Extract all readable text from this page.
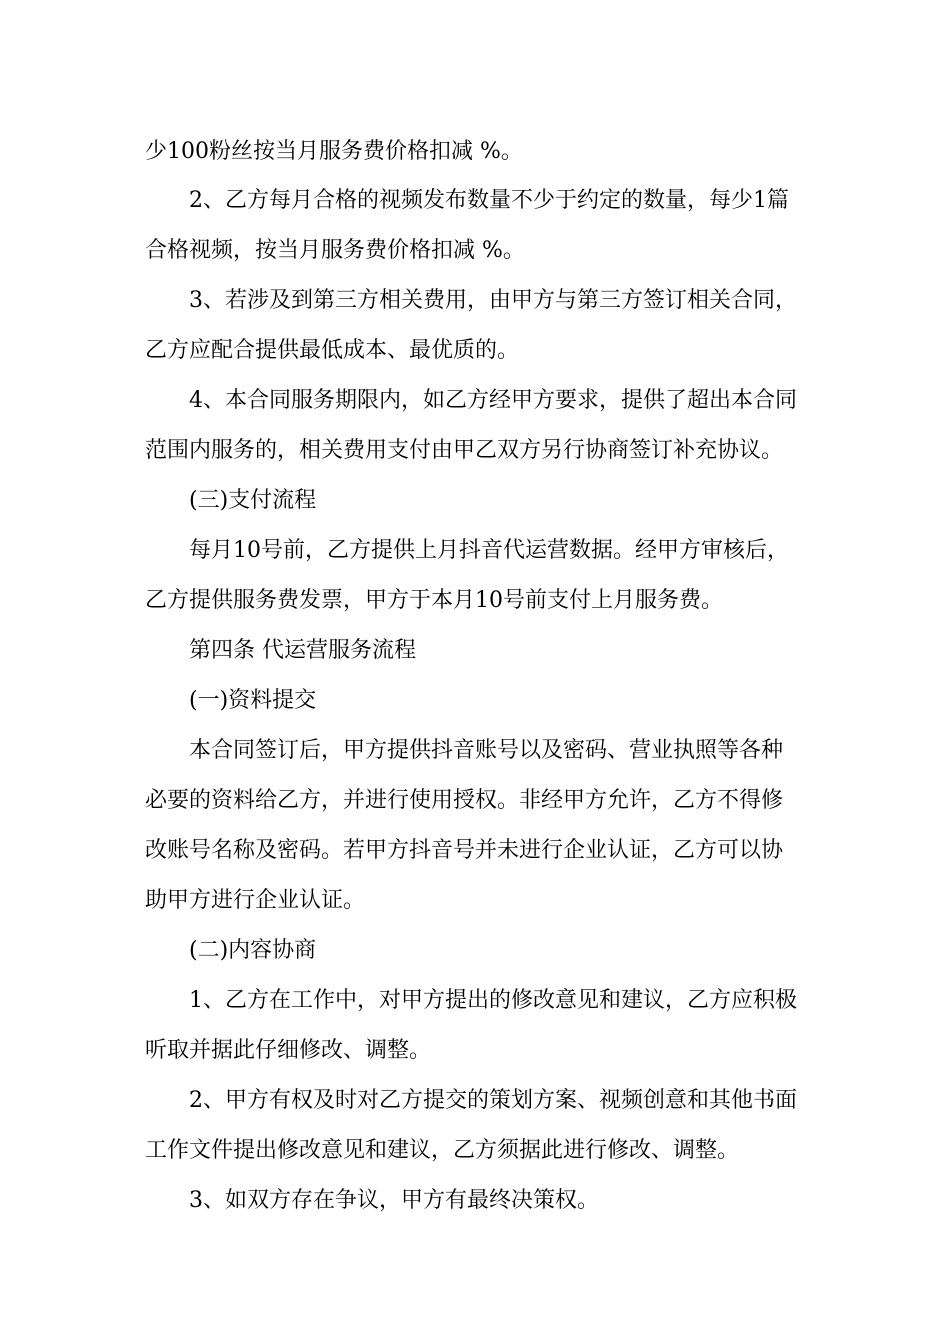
少100粉丝按当月服务费价格扣减 %。
2、乙方每月合格的视频发布数量不少于约定的数量，每少1篇
合格视频，按当月服务费价格扣减 %。
3、若涉及到第三方相关费用，由甲方与第三方签订相关合同，
乙方应配合提供最低成本、最优质的。
4、本合同服务期限内，如乙方经甲方要求，提供了超出本合同
范围内服务的，相关费用支付由甲乙双方另行协商签订补充协议。
(三)支付流程
每月10号前，乙方提供上月抖音代运营数据。经甲方审核后，
乙方提供服务费发票，甲方于本月10号前支付上月服务费。
第四条 代运营服务流程
(一)资料提交
本合同签订后，甲方提供抖音账号以及密码、营业执照等各种
必要的资料给乙方，并进行使用授权。非经甲方允许，乙方不得修
改账号名称及密码。若甲方抖音号并未进行企业认证，乙方可以协
助甲方进行企业认证。
(二)内容协商
1、乙方在工作中，对甲方提出的修改意见和建议，乙方应积极
听取并据此仔细修改、调整。
2、甲方有权及时对乙方提交的策划方案、视频创意和其他书面
工作文件提出修改意见和建议，乙方须据此进行修改、调整。
3、如双方存在争议，甲方有最终决策权。
